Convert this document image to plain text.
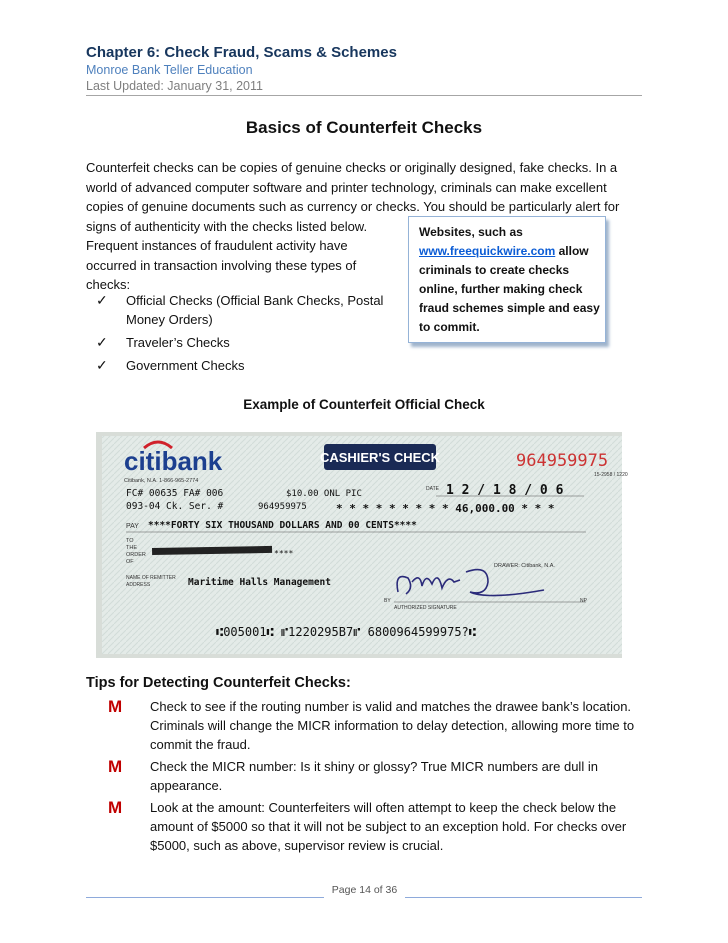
Chapter 6: Check Fraud, Scams & Schemes
Monroe Bank Teller Education
Last Updated: January 31, 2011
Basics of Counterfeit Checks
Counterfeit checks can be copies of genuine checks or originally designed, fake checks. In a world of advanced computer software and printer technology, criminals can make excellent copies of genuine documents such as currency or checks. You should be particularly alert for signs of authenticity with the checks listed below.
Frequent instances of fraudulent activity have occurred in transaction involving these types of checks:
✓ Official Checks (Official Bank Checks, Postal Money Orders)
✓ Traveler’s Checks
✓ Government Checks
Websites, such as
www.freequickwire.com allow criminals to create checks online, further making check fraud schemes simple and easy to commit.
Example of Counterfeit Official Check
citibank
Citibank, N.A. 1-866-965-2774
CASHIER'S CHECK	964959975
15-2958 / 1220
DATE 1 2 / 1 8 / 0 6
FC# 00635 FA# 006
093-04 Ck. Ser. #	964959975
$10.00 ONL PIC
* * * * * * * * * 46,000.00 * * *
PAY ****FORTY SIX THOUSAND DOLLARS AND 00 CENTS****
TO THE ORDER OF
****
DRAWER: Citibank, N.A.
NAME OF REMITTER ADDRESS	Maritime Halls Management
BY
AUTHORIZED SIGNATURE
NP
⑆005001⑆ ⑈1220295B7⑈ 6800964599975?⑆
Tips for Detecting Counterfeit Checks:
M Check to see if the routing number is valid and matches the drawee bank’s location. Criminals will change the MICR information to delay detection, allowing more time to commit the fraud.
M Check the MICR number: Is it shiny or glossy? True MICR numbers are dull in appearance.
M Look at the amount: Counterfeiters will often attempt to keep the check below the amount of $5000 so that it will not be subject to an exception hold. For checks over $5000, such as above, supervisor review is crucial.
Page 14 of 36
